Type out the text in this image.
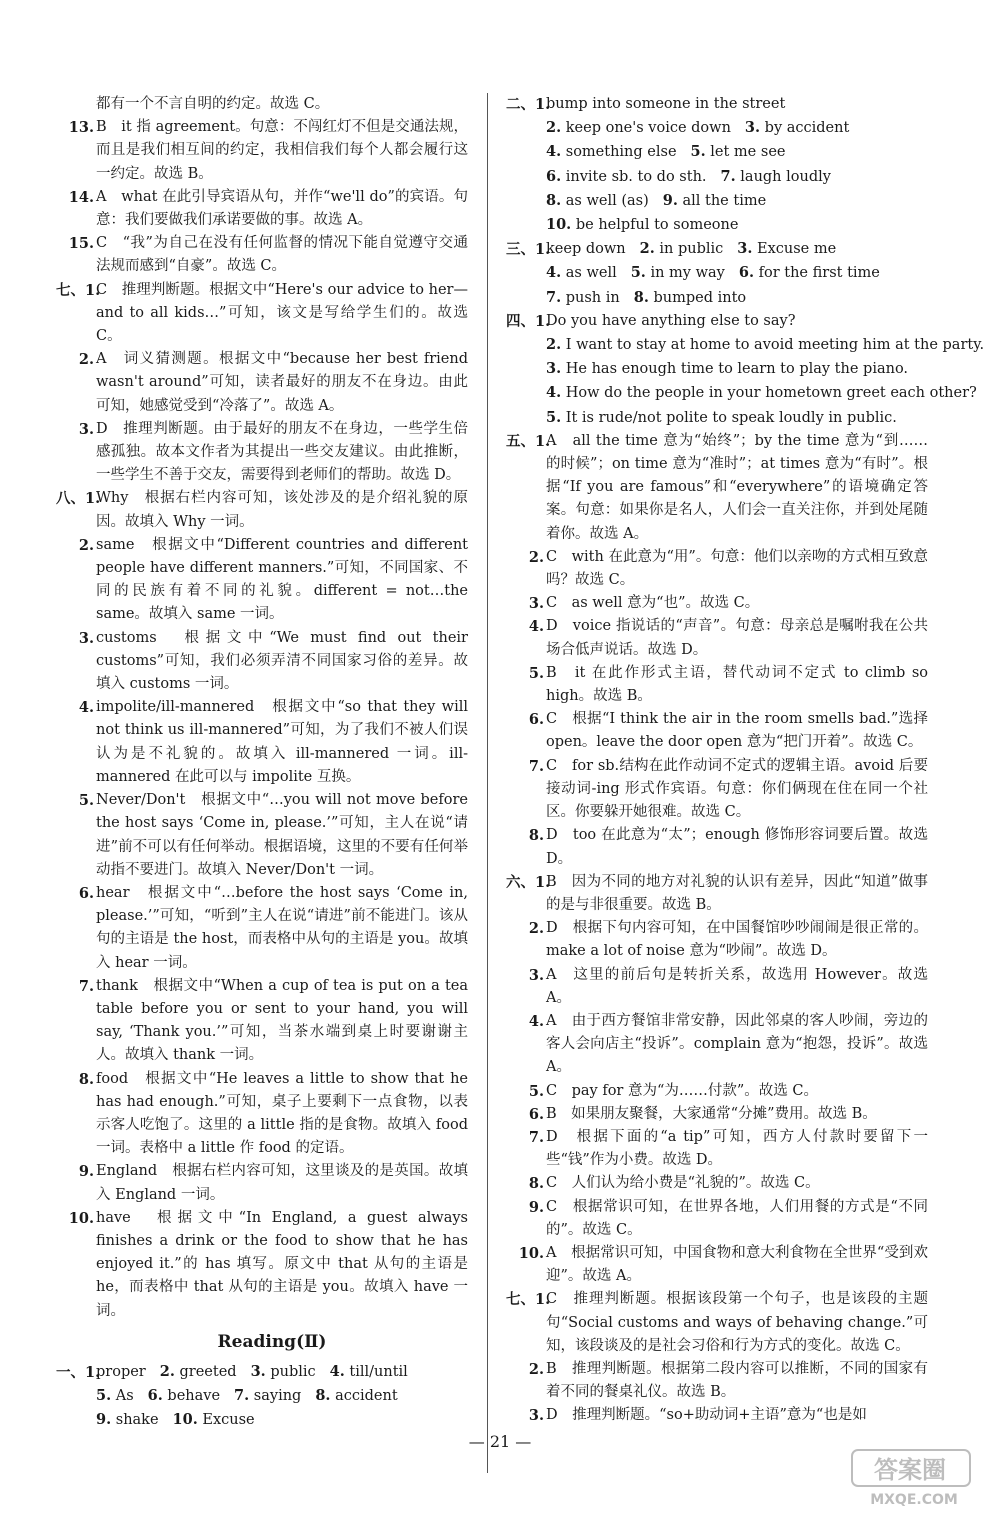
都有一个不言自明的约定。故选 C。
13. B　it 指 agreement。句意：不闯红灯不但是交通法规，而且是我们相互间的约定，我相信我们每个人都会履行这一约定。故选 B。
14. A　what 在此引导宾语从句，并作“we'll do”的宾语。句意：我们要做我们承诺要做的事。故选 A。
15. C　“我”为自己在没有任何监督的情况下能自觉遵守交通法规而感到“自豪”。故选 C。
七、1.
C　推理判断题。根据文中“Here's our advice to her—and to all kids…”可知，该文是写给学生们的。故选 C。
2. A　词义猜测题。根据文中“because her best friend wasn't around”可知，读者最好的朋友不在身边。由此可知，她感觉受到“冷落了”。故选 A。
3. D　推理判断题。由于最好的朋友不在身边，一些学生倍感孤独。故本文作者为其提出一些交友建议。由此推断，一些学生不善于交友，需要得到老师们的帮助。故选 D。
八、1.
Why　根据右栏内容可知，该处涉及的是介绍礼貌的原因。故填入 Why 一词。
2. same　根据文中“Different countries and different people have different manners.”可知，不同国家、不同的民族有着不同的礼貌。different = not…the same。故填入 same 一词。
3. customs　根据文中“We must find out their customs”可知，我们必须弄清不同国家习俗的差异。故填入 customs 一词。
4. impolite/ill-mannered　根据文中“so that they will not think us ill-mannered”可知，为了我们不被人们误认为是不礼貌的。故填入 ill-mannered 一词。ill-mannered 在此可以与 impolite 互换。
5. Never/Don't　根据文中“…you will not move before the host says ‘Come in, please.’”可知，主人在说“请进”前不可以有任何举动。根据语境，这里的不要有任何举动指不要进门。故填入 Never/Don't 一词。
6. hear　根据文中“…before the host says ‘Come in, please.’”可知，“听到”主人在说“请进”前不能进门。该从句的主语是 the host，而表格中从句的主语是 you。故填入 hear 一词。
7. thank　根据文中“When a cup of tea is put on a tea table before you or sent to your hand, you will say, ‘Thank you.’”可知，当茶水端到桌上时要谢谢主人。故填入 thank 一词。
8. food　根据文中“He leaves a little to show that he has had enough.”可知，桌子上要剩下一点食物，以表示客人吃饱了。这里的 a little 指的是食物。故填入 food 一词。表格中 a little 作 food 的定语。
9. England　根据右栏内容可知，这里谈及的是英国。故填入 England 一词。
10. have　根据文中“In England, a guest always finishes a drink or the food to show that he has enjoyed it.”的 has 填写。原文中 that 从句的主语是 he，而表格中 that 从句的主语是 you。故填入 have 一词。
Reading(Ⅱ)
一、1.
proper 2. greeted 3. public 4. till/until
5. As 6. behave 7. saying 8. accident
9. shake 10. Excuse
二、1.
bump into someone in the street
2. keep one's voice down 3. by accident
4. something else 5. let me see
6. invite sb. to do sth. 7. laugh loudly
8. as well (as) 9. all the time
10. be helpful to someone
三、1.
keep down 2. in public 3. Excuse me
4. as well 5. in my way 6. for the first time
7. push in 8. bumped into
四、1.
Do you have anything else to say?
2. I want to stay at home to avoid meeting him at the party.
3. He has enough time to learn to play the piano.
4. How do the people in your hometown greet each other?
5. It is rude/not polite to speak loudly in public.
五、1.
A　all the time 意为“始终”；by the time 意为“到……的时候”；on time 意为“准时”；at times 意为“有时”。根据“If you are famous”和“everywhere”的语境确定答案。句意：如果你是名人，人们会一直关注你，并到处尾随着你。故选 A。
2. C　with 在此意为“用”。句意：他们以亲吻的方式相互致意吗？故选 C。
3. C　as well 意为“也”。故选 C。
4. D　voice 指说话的“声音”。句意：母亲总是嘱咐我在公共场合低声说话。故选 D。
5. B　it 在此作形式主语，替代动词不定式 to climb so high。故选 B。
6. C　根据“I think the air in the room smells bad.”选择 open。leave the door open 意为“把门开着”。故选 C。
7. C　for sb.结构在此作动词不定式的逻辑主语。avoid 后要接动词-ing 形式作宾语。句意：你们俩现在住在同一个社区。你要躲开她很难。故选 C。
8. D　too 在此意为“太”；enough 修饰形容词要后置。故选 D。
六、1.
B　因为不同的地方对礼貌的认识有差异，因此“知道”做事的是与非很重要。故选 B。
2. D　根据下句内容可知，在中国餐馆吵吵闹闹是很正常的。make a lot of noise 意为“吵闹”。故选 D。
3. A　这里的前后句是转折关系，故选用 However。故选 A。
4. A　由于西方餐馆非常安静，因此邻桌的客人吵闹，旁边的客人会向店主“投诉”。complain 意为“抱怨，投诉”。故选 A。
5. C　pay for 意为“为……付款”。故选 C。
6. B　如果朋友聚餐，大家通常“分摊”费用。故选 B。
7. D　根据下面的“a tip”可知，西方人付款时要留下一些“钱”作为小费。故选 D。
8. C　人们认为给小费是“礼貌的”。故选 C。
9. C　根据常识可知，在世界各地，人们用餐的方式是“不同的”。故选 C。
10. A　根据常识可知，中国食物和意大利食物在全世界“受到欢迎”。故选 A。
七、1.
C　推理判断题。根据该段第一个句子，也是该段的主题句“Social customs and ways of behaving change.”可知，该段谈及的是社会习俗和行为方式的变化。故选 C。
2. B　推理判断题。根据第二段内容可以推断，不同的国家有着不同的餐桌礼仪。故选 B。
3. D　推理判断题。“so+助动词+主语”意为“也是如
— 21 —
答案圈
MXQE.COM
